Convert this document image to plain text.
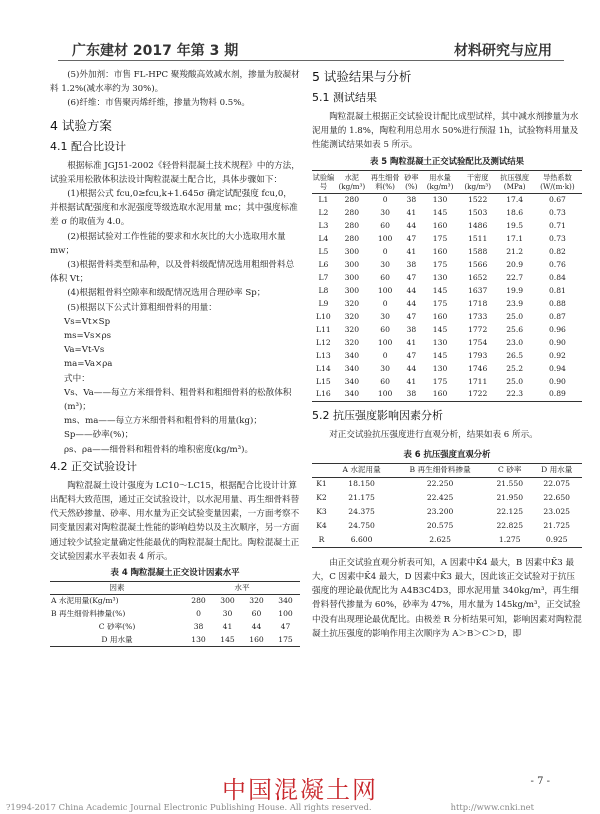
广东建材 2017 年第 3 期	材料研究与应用

(5)外加剂：市售 FL-HPC 聚羧酸高效减水剂，掺量为胶凝材料 1.2%(减水率约为 30%)。

(6)纤维：市售聚丙烯纤维，掺量为物料 0.5%。

4 试验方案
4.1 配合比设计

根据标准 JGJ51-2002《轻骨料混凝土技术规程》中的方法，试验采用松散体积法设计陶粒混凝土配合比，具体步骤如下：

(1)根据公式 fcu,0≥fcu,k+1.645σ 确定试配强度 fcu,0，并根据试配强度和水泥强度等级选取水泥用量 mc；其中强度标准差 σ 的取值为 4.0。

(2)根据试验对工作性能的要求和水灰比的大小选取用水量 mw；

(3)根据骨料类型和品种，以及骨料级配情况选用粗细骨料总体积 Vt；

(4)根据粗骨料空隙率和级配情况选用合理砂率 Sp；

(5)根据以下公式计算粗细骨料的用量：

Vs=Vt×Sp

ms=Vs×ρs

Va=Vt-Vs

ma=Va×ρa

式中：

Vs、Va——每立方米细骨料、粗骨料和粗细骨料的松散体积(m³)；

ms、ma——每立方米细骨料和粗骨料的用量(kg)；

Sp——砂率(%)；

ρs、ρa——细骨料和粗骨料的堆积密度(kg/m³)。

4.2 正交试验设计

陶粒混凝土设计强度为 LC10～LC15，根据配合比设计计算出配料大致范围，通过正交试验设计，以水泥用量、再生细骨料替代天然砂掺量、砂率、用水量为正交试验变量因素，一方面考察不同变量因素对陶粒混凝土性能的影响趋势以及主次顺序，另一方面通过较少试验定量确定性能最优的陶粒混凝土配比。陶粒混凝土正交试验因素水平表如表 4 所示。

表 4 陶粒混凝土正交设计因素水平
因素	水平			
A 水泥用量(Kg/m³)	280	300	320	340
B 再生细骨料掺量(%)	0	30	60	100
C 砂率(%)	38	41	44	47
D 用水量	130	145	160	175
5 试验结果与分析
5.1 测试结果

陶粒混凝土根据正交试验设计配比成型试样，其中减水剂掺量为水泥用量的 1.8%，陶粒利用总用水 50%进行预湿 1h，试验物料用量及性能测试结果如表 5 所示。

表 5 陶粒混凝土正交试验配比及测试结果
试验编号	水泥(kg/m³)	再生细骨料(%)	砂率(%)	用水量(kg/m³)	干密度(kg/m³)	抗压强度(MPa)	导热系数(W/(m·k))
L1	280	0	38	130	1522	17.4	0.67
L2	280	30	41	145	1503	18.6	0.73
L3	280	60	44	160	1486	19.5	0.71
L4	280	100	47	175	1511	17.1	0.73
L5	300	0	41	160	1588	21.2	0.82
L6	300	30	38	175	1566	20.9	0.76
L7	300	60	47	130	1652	22.7	0.84
L8	300	100	44	145	1637	19.9	0.81
L9	320	0	44	175	1718	23.9	0.88
L10	320	30	47	160	1733	25.0	0.87
L11	320	60	38	145	1772	25.6	0.96
L12	320	100	41	130	1754	23.0	0.90
L13	340	0	47	145	1793	26.5	0.92
L14	340	30	44	130	1746	25.2	0.94
L15	340	60	41	175	1711	25.0	0.90
L16	340	100	38	160	1722	22.3	0.89
5.2 抗压强度影响因素分析

对正交试验抗压强度进行直观分析，结果如表 6 所示。

表 6 抗压强度直观分析
	A 水泥用量	B 再生细骨料掺量	C 砂率	D 用水量
K1	18.150	22.250	21.550	22.075
K2	21.175	22.425	21.950	22.650
K3	24.375	23.200	22.125	23.025
K4	24.750	20.575	22.825	21.725
R	6.600	2.625	1.275	0.925

由正交试验直观分析表可知，A 因素中K̄4 最大，B 因素中K̄3 最大，C 因素中K̄4 最大，D 因素中K̄3 最大，因此该正交试验对于抗压强度的理论最优配比为 A4B3C4D3，即水泥用量 340kg/m³，再生细骨料替代掺量为 60%，砂率为 47%，用水量为 145kg/m³，正交试验中没有出现理论最优配比。由极差 R 分析结果可知，影响因素对陶粒混凝土抗压强度的影响作用主次顺序为 A＞B＞C＞D，即

中国混凝土网	- 7 -
?1994-2017 China Academic Journal Electronic Publishing House. All rights reserved.	http://www.cnki.net
